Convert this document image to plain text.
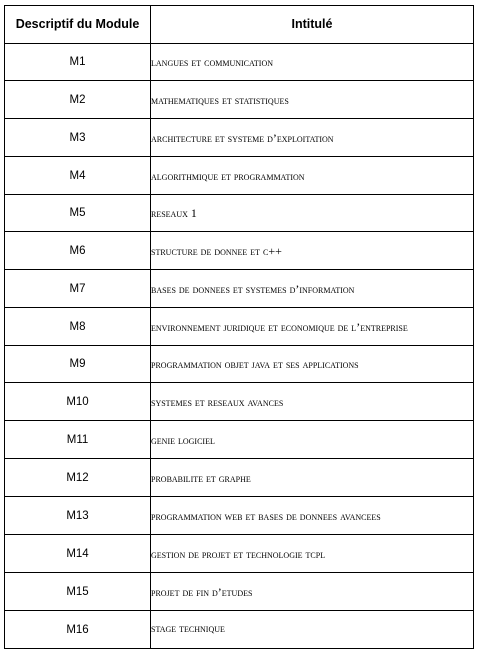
Descriptif du Module	Intitulé
M1	langues et communication

M2	mathematiques et statistiques

M3	architecture et systeme d’exploitation

M4	algorithmique et programmation

M5	reseaux 1

M6	structure de donnee et c++

M7	bases de donnees et systemes d’information

M8	environnement juridique et economique de l’entreprise

M9	programmation objet java et ses applications

M10	systemes et reseaux avances

M11	genie logiciel

M12	probabilite et graphe

M13	programmation web et bases de donnees avancees

M14	gestion de projet et technologie tcpl

M15	projet de fin d’etudes

M16	stage technique
